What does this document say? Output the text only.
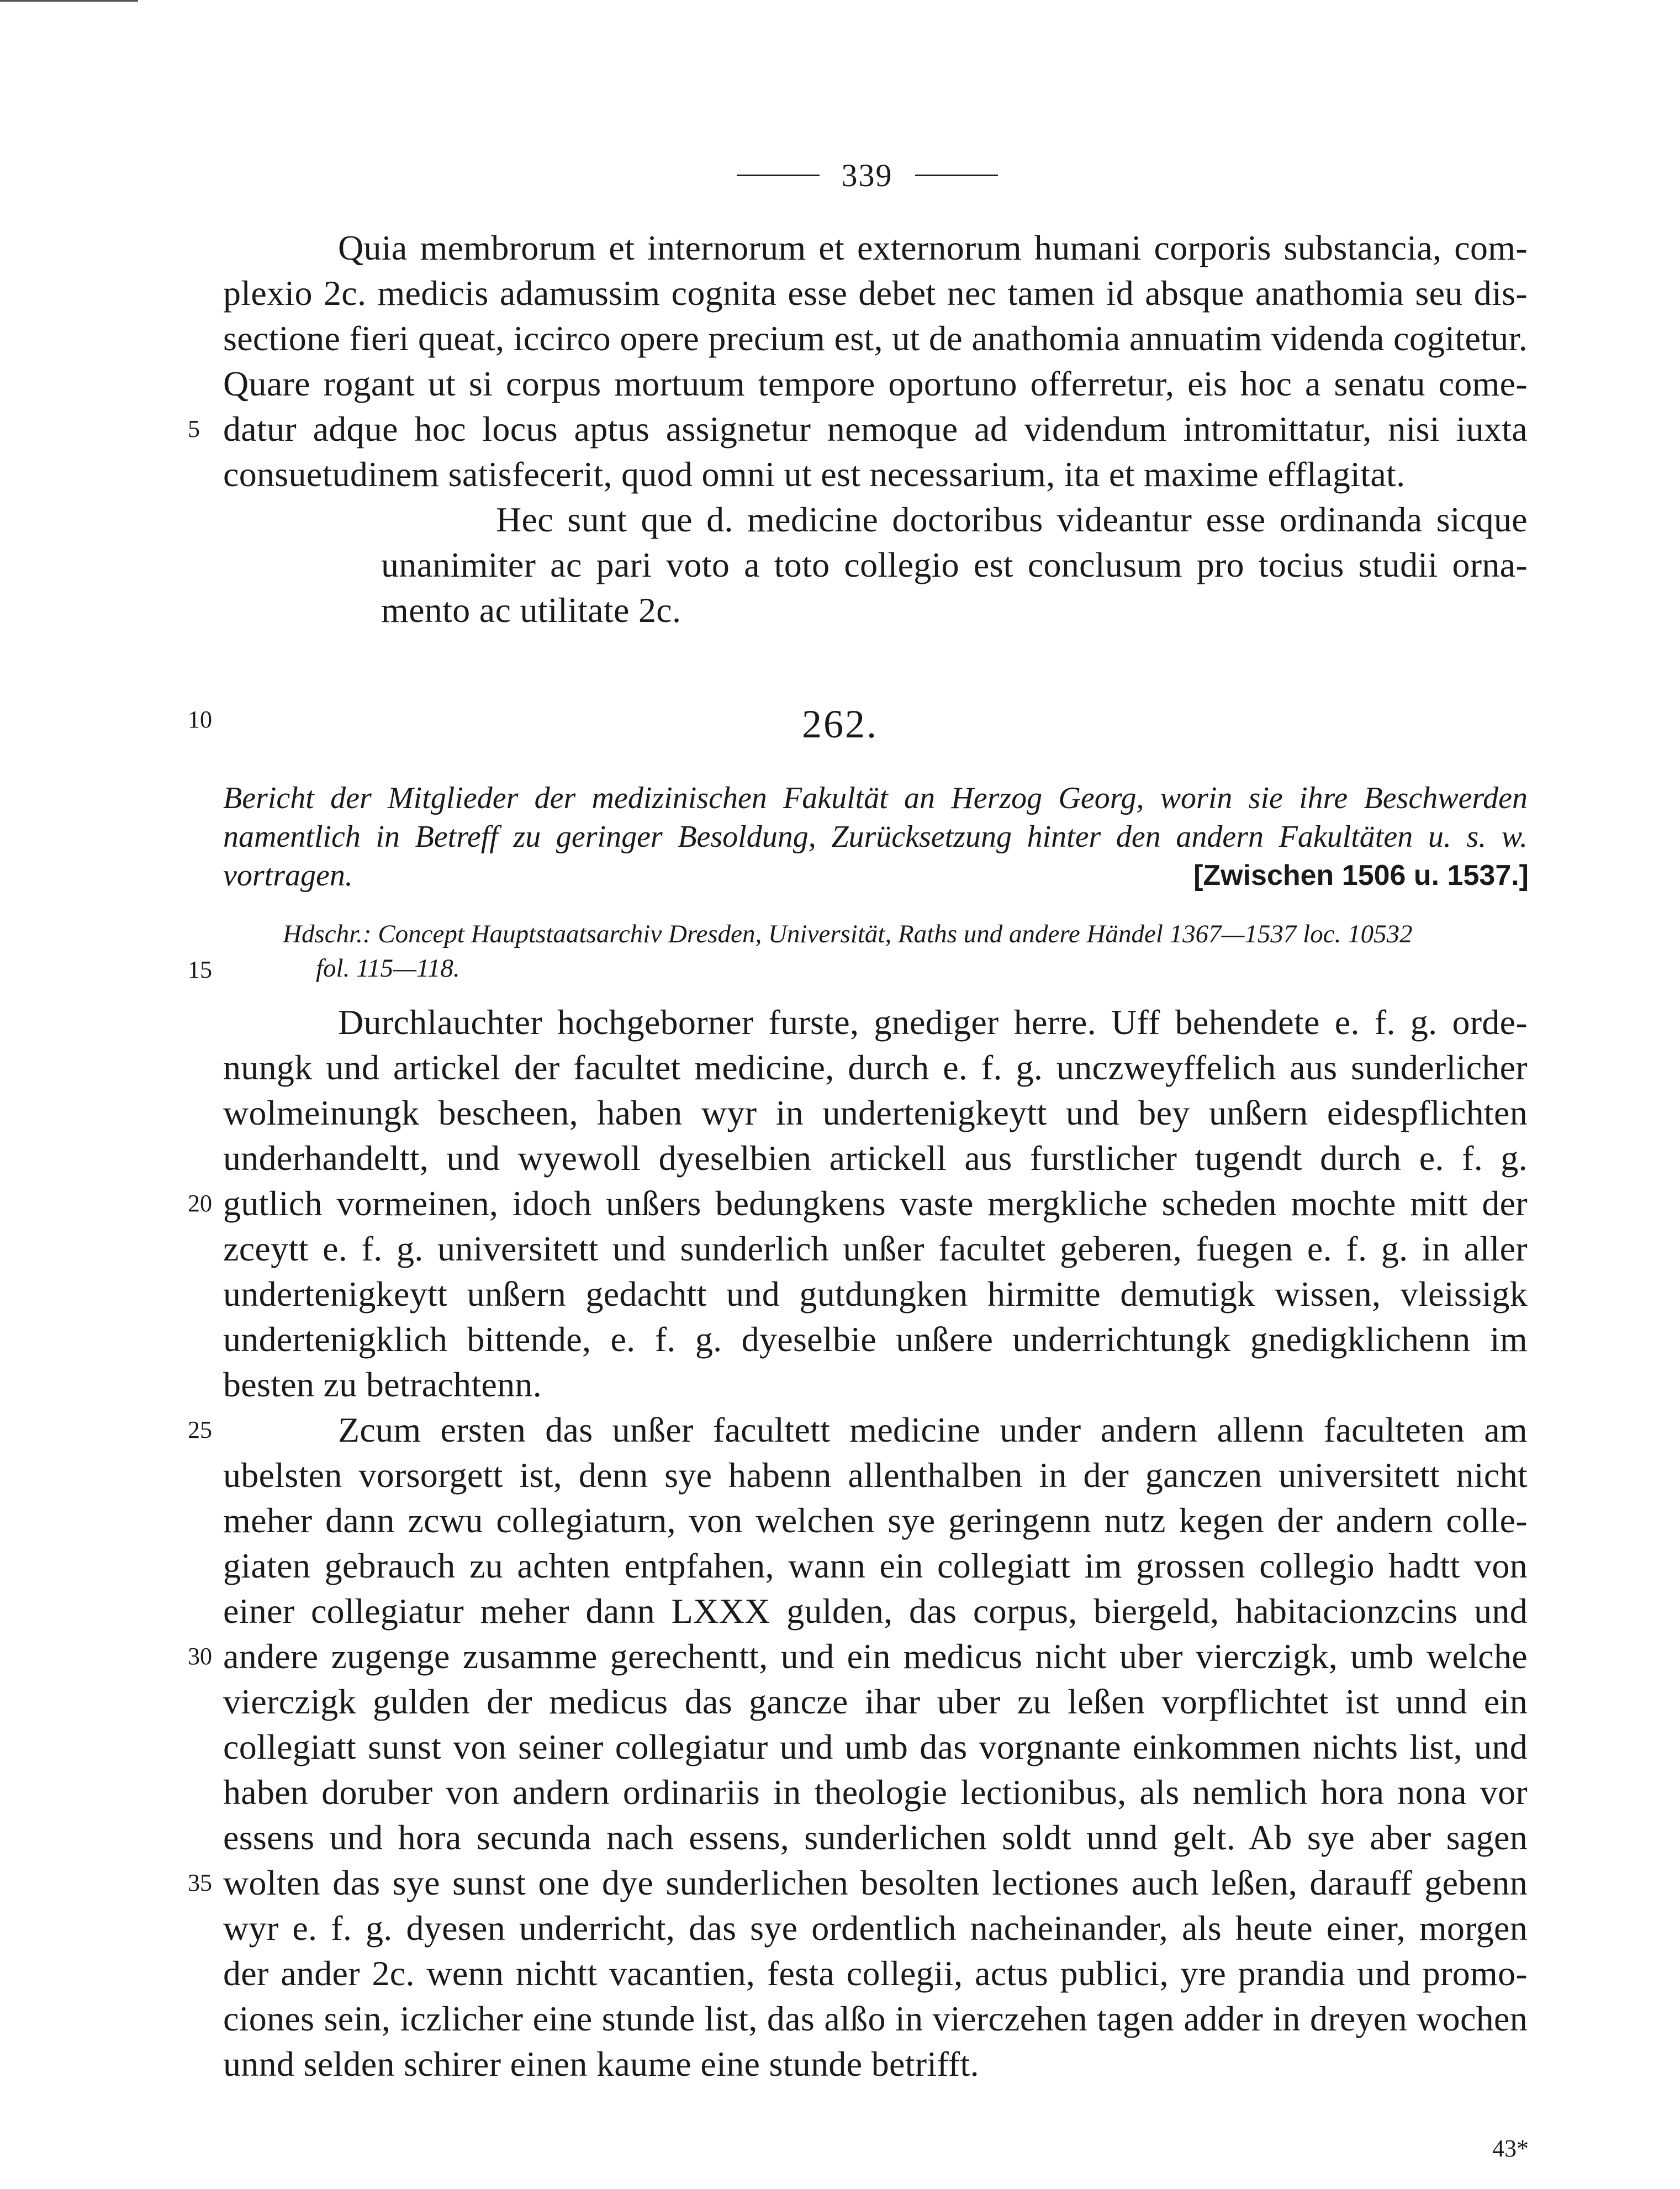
339
Quia membrorum et internorum et externorum humani corporis substancia, com-
plexio 2c. medicis adamussim cognita esse debet nec tamen id absque anathomia seu dis-
sectione fieri queat, iccirco opere precium est, ut de anathomia annuatim videnda cogitetur.
Quare rogant ut si corpus mortuum tempore oportuno offerretur, eis hoc a senatu come-
5 datur adque hoc locus aptus assignetur nemoque ad videndum intromittatur, nisi iuxta
consuetudinem satisfecerit, quod omni ut est necessarium, ita et maxime efflagitat.
Hec sunt que d. medicine doctoribus videantur esse ordinanda sicque
unanimiter ac pari voto a toto collegio est conclusum pro tocius studii orna-
mento ac utilitate 2c.
10	262.
Bericht der Mitglieder der medizinischen Fakultät an Herzog Georg, worin sie ihre Beschwerden
namentlich in Betreff zu geringer Besoldung, Zurücksetzung hinter den andern Fakultäten u. s. w.
vortragen.	[Zwischen 1506 u. 1537.]
Hdschr.: Concept Hauptstaatsarchiv Dresden, Universität, Raths und andere Händel 1367—1537 loc. 10532
15	fol. 115—118.
Durchlauchter hochgeborner furste, gnediger herre. Uff behendete e. f. g. orde-
nungk und artickel der facultet medicine, durch e. f. g. unczweyffelich aus sunderlicher
wolmeinungk bescheen, haben wyr in undertenigkeytt und bey unßern eidespflichten
underhandeltt, und wyewoll dyeselbien artickell aus furstlicher tugendt durch e. f. g.
20 gutlich vormeinen, idoch unßers bedungkens vaste mergkliche scheden mochte mitt der
zceytt e. f. g. universitett und sunderlich unßer facultet geberen, fuegen e. f. g. in aller
undertenigkeytt unßern gedachtt und gutdungken hirmitte demutigk wissen, vleissigk
undertenigklich bittende, e. f. g. dyeselbie unßere underrichtungk gnedigklichenn im
besten zu betrachtenn.
25	Zcum ersten das unßer facultett medicine under andern allenn faculteten am
ubelsten vorsorgett ist, denn sye habenn allenthalben in der ganczen universitett nicht
meher dann zcwu collegiaturn, von welchen sye geringenn nutz kegen der andern colle-
giaten gebrauch zu achten entpfahen, wann ein collegiatt im grossen collegio hadtt von
einer collegiatur meher dann LXXX gulden, das corpus, biergeld, habitacionzcins und
30 andere zugenge zusamme gerechentt, und ein medicus nicht uber vierczigk, umb welche
vierczigk gulden der medicus das gancze ihar uber zu leßen vorpflichtet ist unnd ein
collegiatt sunst von seiner collegiatur und umb das vorgnante einkommen nichts list, und
haben doruber von andern ordinariis in theologie lectionibus, als nemlich hora nona vor
essens und hora secunda nach essens, sunderlichen soldt unnd gelt. Ab sye aber sagen
35 wolten das sye sunst one dye sunderlichen besolten lectiones auch leßen, darauff gebenn
wyr e. f. g. dyesen underricht, das sye ordentlich nacheinander, als heute einer, morgen
der ander 2c. wenn nichtt vacantien, festa collegii, actus publici, yre prandia und promo-
ciones sein, iczlicher eine stunde list, das alßo in vierczehen tagen adder in dreyen wochen
unnd selden schirer einen kaume eine stunde betrifft.
43*
